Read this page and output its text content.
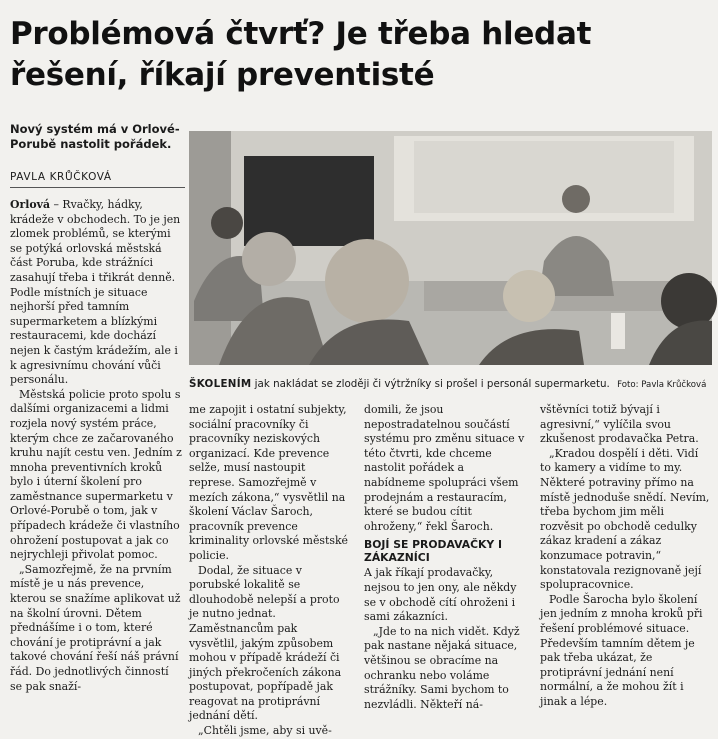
Problémová čtvrť? Je třeba hledat
řešení, říkají preventisté
Nový systém má v Orlové-Porubě nastolit pořádek.
PAVLA KRŮČKOVÁ

Orlová – Rvačky, hádky, krádeže v obchodech. To je jen zlomek problémů, se kterými se potýká orlovská městská část Poruba, kde strážníci zasahují třeba i třikrát denně. Podle místních je situace nejhorší před tamním supermarketem a blízkými restauracemi, kde dochází nejen k častým krádežím, ale i k agresivnímu chování vůči personálu.

Městská policie proto spolu s dalšími organizacemi a lidmi rozjela nový systém práce, kterým chce ze začarovaného kruhu najít cestu ven. Jedním z mnoha preventivních kroků bylo i úterní školení pro zaměstnance supermarketu v Orlové-Porubě o tom, jak v případech krádeže či vlastního ohrožení postupovat a jak co nejrychleji přivolat pomoc.

„Samozřejmě, že na prvním místě je u nás prevence, kterou se snažíme aplikovat už na školní úrovni. Dětem přednášíme i o tom, které chování je protiprávní a jak takové chování řeší náš právní řád. Do jednotlivých činností se pak snaží-

ŠKOLENÍM jak nakládat se zloději či výtržníky si prošel i personál supermarketu. Foto: Pavla Krůčková

me zapojit i ostatní subjekty, sociální pracovníky či pracovníky neziskových organizací. Kde prevence selže, musí nastoupit represe. Samozřejmě v mezích zákona,“ vysvětlil na školení Václav Šaroch, pracovník prevence kriminality orlovské městské policie.

Dodal, že situace v porubské lokalitě se dlouhodobě nelepší a proto je nutno jednat. Zaměstnancům pak vysvětlil, jakým způsobem mohou v případě krádeží či jiných překročeních zákona postupovat, popřípadě jak reagovat na protiprávní jednání dětí.

„Chtěli jsme, aby si uvě-

domili, že jsou nepostradatelnou součástí systému pro změnu situace v této čtvrti, kde chceme nastolit pořádek a nabídneme spolupráci všem prodejnám a restauracím, které se budou cítit ohroženy,“ řekl Šaroch.

BOJÍ SE PRODAVAČKY I ZÁKAZNÍCI

A jak říkají prodavačky, nejsou to jen ony, ale někdy se v obchodě cítí ohroženi i sami zákazníci.

„Jde to na nich vidět. Když pak nastane nějaká situace, většinou se obracíme na ochranku nebo voláme strážníky. Sami bychom to nezvládli. Někteří ná-

vštěvníci totiž bývají i agresivní,“ vylíčila svou zkušenost prodavačka Petra.

„Kradou dospělí i děti. Vidí to kamery a vidíme to my. Některé potraviny přímo na místě jednoduše snědí. Nevím, třeba bychom jim měli rozvěsit po obchodě cedulky zákaz kradení a zákaz konzumace potravin,“ konstatovala rezignovaně její spolupracovnice.

Podle Šarocha bylo školení jen jedním z mnoha kroků při řešení problémové situace. Především tamním dětem je pak třeba ukázat, že protiprávní jednání není normální, a že mohou žít i jinak a lépe.
